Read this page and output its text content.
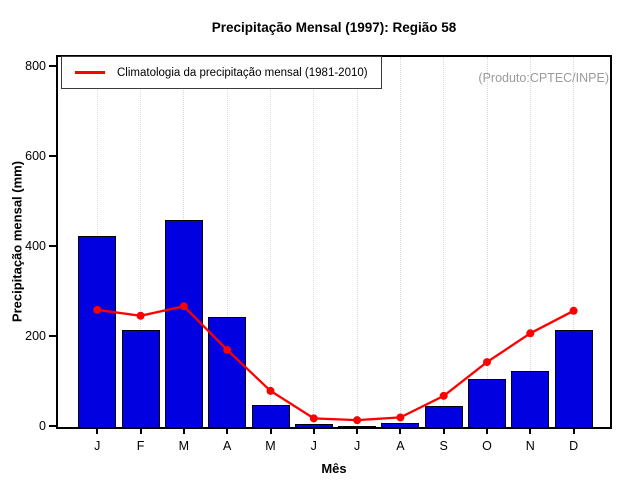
Precipitação Mensal (1997): Região 58
Climatologia da precipitação mensal (1981-2010)	(Produto:CPTEC/INPE)
Precipitação mensal (mm)
Mês
0
200
400
600
800
J	F	M	A	M	J	J	A	S	O	N	D
